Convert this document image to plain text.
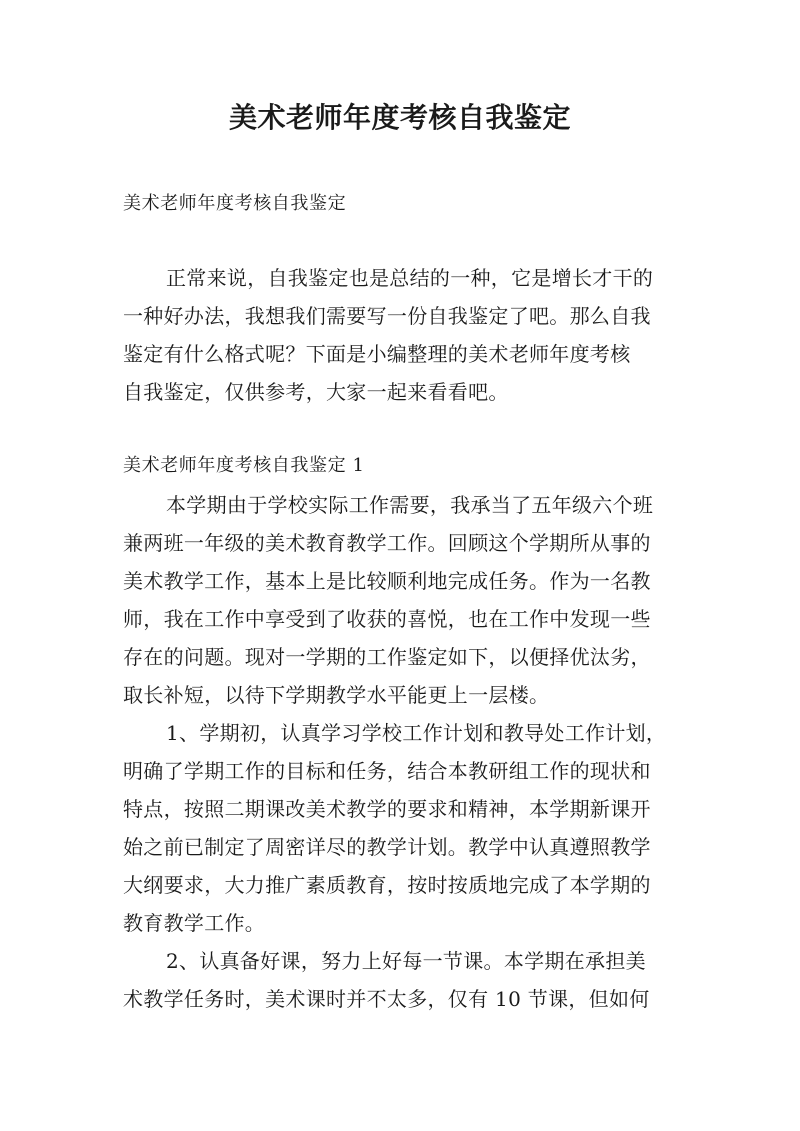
美术老师年度考核自我鉴定

美术老师年度考核自我鉴定

正常来说，自我鉴定也是总结的一种，它是增长才干的
一种好办法，我想我们需要写一份自我鉴定了吧。那么自我
鉴定有什么格式呢？下面是小编整理的美术老师年度考核
自我鉴定，仅供参考，大家一起来看看吧。

美术老师年度考核自我鉴定 1

本学期由于学校实际工作需要，我承当了五年级六个班
兼两班一年级的美术教育教学工作。回顾这个学期所从事的
美术教学工作，基本上是比较顺利地完成任务。作为一名教
师，我在工作中享受到了收获的喜悦，也在工作中发现一些
存在的问题。现对一学期的工作鉴定如下，以便择优汰劣，
取长补短，以待下学期教学水平能更上一层楼。
1、学期初，认真学习学校工作计划和教导处工作计划，
明确了学期工作的目标和任务，结合本教研组工作的现状和
特点，按照二期课改美术教学的要求和精神，本学期新课开
始之前已制定了周密详尽的教学计划。教学中认真遵照教学
大纲要求，大力推广素质教育，按时按质地完成了本学期的
教育教学工作。
2、认真备好课，努力上好每一节课。本学期在承担美
术教学任务时，美术课时并不太多，仅有 10 节课，但如何
